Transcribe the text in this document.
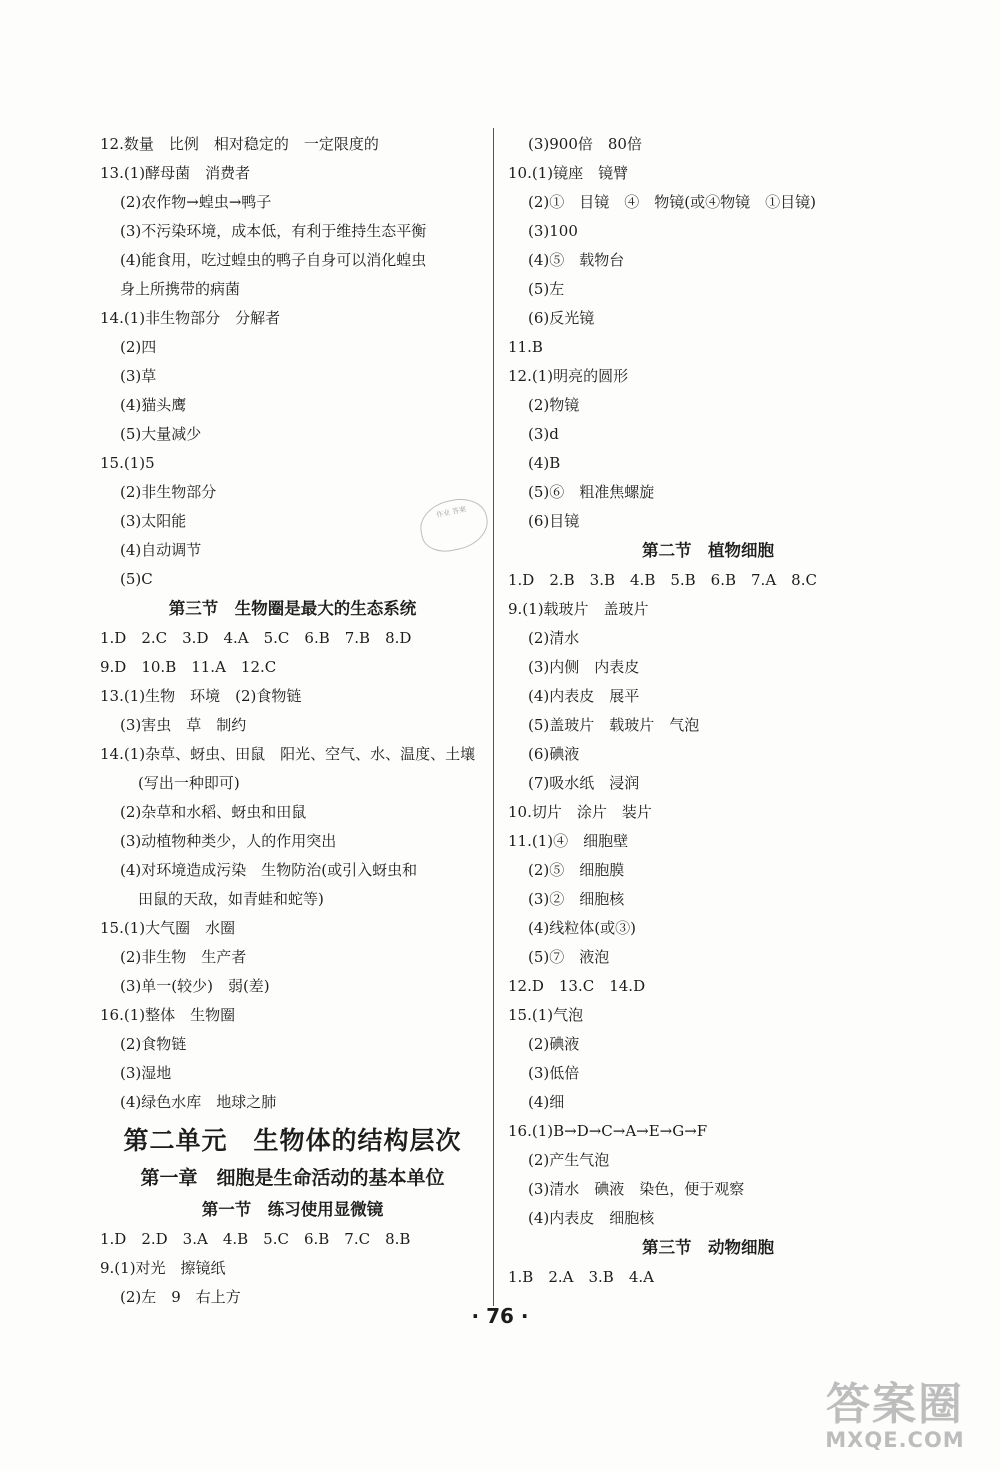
12.数量　比例　相对稳定的　一定限度的
13.(1)酵母菌　消费者
(2)农作物→蝗虫→鸭子
(3)不污染环境，成本低，有利于维持生态平衡
(4)能食用，吃过蝗虫的鸭子自身可以消化蝗虫
身上所携带的病菌
14.(1)非生物部分　分解者
(2)四
(3)草
(4)猫头鹰
(5)大量减少
15.(1)5
(2)非生物部分
(3)太阳能
(4)自动调节
(5)C
第三节　生物圈是最大的生态系统
1.D　2.C　3.D　4.A　5.C　6.B　7.B　8.D
9.D　10.B　11.A　12.C
13.(1)生物　环境　(2)食物链
(3)害虫　草　制约
14.(1)杂草、蚜虫、田鼠　阳光、空气、水、温度、土壤
(写出一种即可)
(2)杂草和水稻、蚜虫和田鼠
(3)动植物种类少，人的作用突出
(4)对环境造成污染　生物防治(或引入蚜虫和
田鼠的天敌，如青蛙和蛇等)
15.(1)大气圈　水圈
(2)非生物　生产者
(3)单一(较少)　弱(差)
16.(1)整体　生物圈
(2)食物链
(3)湿地
(4)绿色水库　地球之肺
第二单元　生物体的结构层次
第一章　细胞是生命活动的基本单位
第一节　练习使用显微镜
1.D　2.D　3.A　4.B　5.C　6.B　7.C　8.B
9.(1)对光　擦镜纸
(2)左　9　右上方
(3)900倍　80倍
10.(1)镜座　镜臂
(2)①　目镜　④　物镜(或④物镜　①目镜)
(3)100
(4)⑤　载物台
(5)左
(6)反光镜
11.B
12.(1)明亮的圆形
(2)物镜
(3)d
(4)B
(5)⑥　粗准焦螺旋
(6)目镜
第二节　植物细胞
1.D　2.B　3.B　4.B　5.B　6.B　7.A　8.C
9.(1)载玻片　盖玻片
(2)清水
(3)内侧　内表皮
(4)内表皮　展平
(5)盖玻片　载玻片　气泡
(6)碘液
(7)吸水纸　浸润
10.切片　涂片　装片
11.(1)④　细胞壁
(2)⑤　细胞膜
(3)②　细胞核
(4)线粒体(或③)
(5)⑦　液泡
12.D　13.C　14.D
15.(1)气泡
(2)碘液
(3)低倍
(4)细
16.(1)B→D→C→A→E→G→F
(2)产生气泡
(3)清水　碘液　染色，便于观察
(4)内表皮　细胞核
第三节　动物细胞
1.B　2.A　3.B　4.A
作业 答案
· 76 ·
答案圈
MXQE.COM
